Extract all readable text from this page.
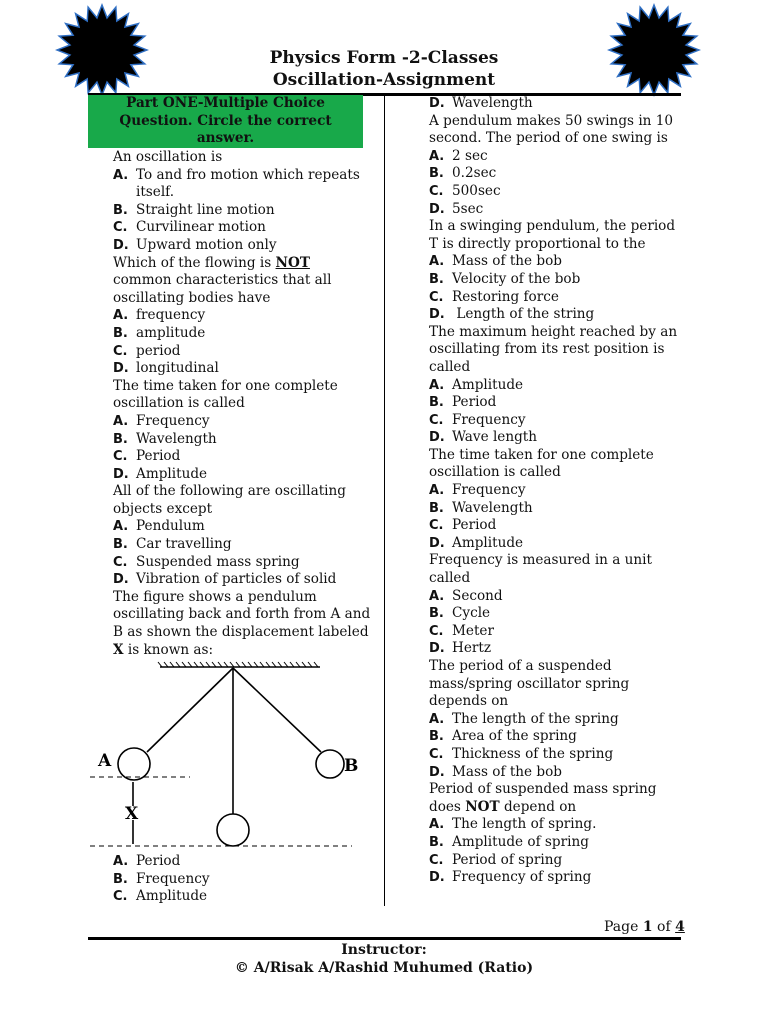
Physics Form -2-Classes
Oscillation-Assignment
Part ONE-Multiple Choice
Question. Circle the correct
answer.
An oscillation is
A. To and fro motion which repeats
itself.
B. Straight line motion
C. Curvilinear motion
D. Upward motion only
Which of the flowing is NOT
common characteristics that all
oscillating bodies have
A. frequency
B. amplitude
C. period
D. longitudinal
The time taken for one complete
oscillation is called
A. Frequency
B. Wavelength
C. Period
D. Amplitude
All of the following are oscillating
objects except
A. Pendulum
B. Car travelling
C. Suspended mass spring
D. Vibration of particles of solid
The figure shows a pendulum
oscillating back and forth from A and
B as shown the displacement labeled
X is known as:
A	B
X
A. Period
B. Frequency
C. Amplitude
D. Wavelength
A pendulum makes 50 swings in 10
second. The period of one swing is
A. 2 sec
B. 0.2sec
C. 500sec
D. 5sec
In a swinging pendulum, the period
T is directly proportional to the
A. Mass of the bob
B. Velocity of the bob
C. Restoring force
D. Length of the string
The maximum height reached by an
oscillating from its rest position is
called
A. Amplitude
B. Period
C. Frequency
D. Wave length
The time taken for one complete
oscillation is called
A. Frequency
B. Wavelength
C. Period
D. Amplitude
Frequency is measured in a unit
called
A. Second
B. Cycle
C. Meter
D. Hertz
The period of a suspended
mass/spring oscillator spring
depends on
A. The length of the spring
B. Area of the spring
C. Thickness of the spring
D. Mass of the bob
Period of suspended mass spring
does NOT depend on
A. The length of spring.
B. Amplitude of spring
C. Period of spring
D. Frequency of spring
Page 1 of 4
Instructor:
© A/Risak A/Rashid Muhumed (Ratio)
